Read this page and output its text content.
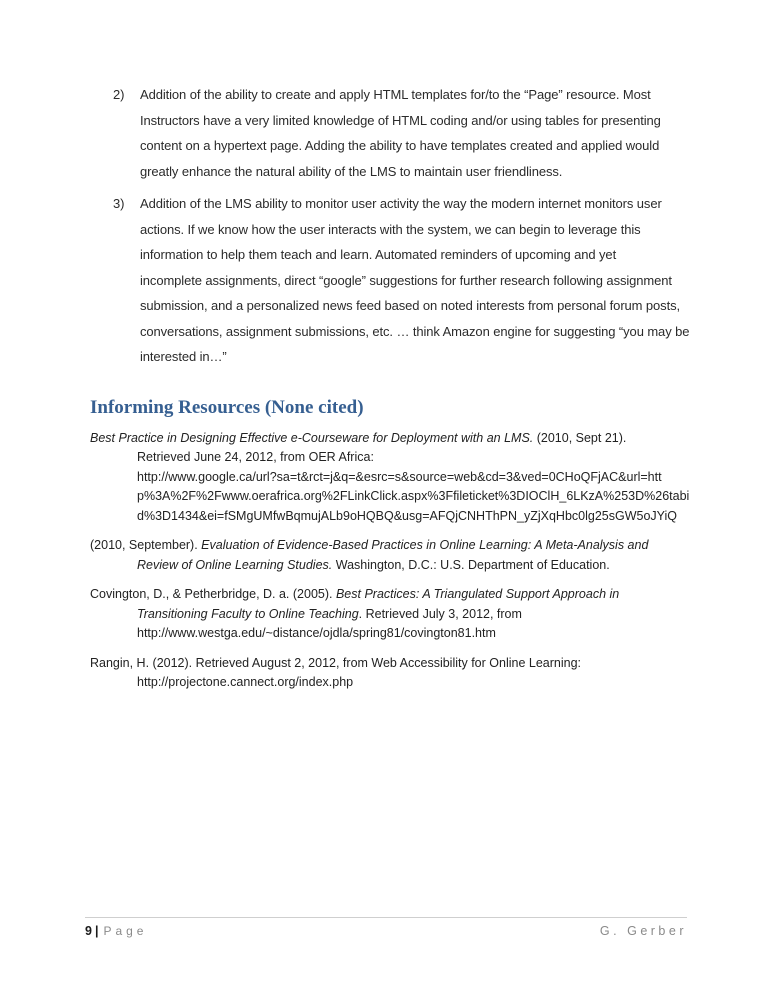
2)	Addition of the ability to create and apply HTML templates for/to the “Page” resource. Most
Instructors have a very limited knowledge of HTML coding and/or using tables for presenting
content on a hypertext page. Adding the ability to have templates created and applied would
greatly enhance the natural ability of the LMS to maintain user friendliness.
3)	Addition of the LMS ability to monitor user activity the way the modern internet monitors user
actions. If we know how the user interacts with the system, we can begin to leverage this
information to help them teach and learn. Automated reminders of upcoming and yet
incomplete assignments, direct “google” suggestions for further research following assignment
submission, and a personalized news feed based on noted interests from personal forum posts,
conversations, assignment submissions, etc. … think Amazon engine for suggesting “you may be
interested in…”
Informing Resources (None cited)
Best Practice in Designing Effective e-Courseware for Deployment with an LMS. (2010, Sept 21).
Retrieved June 24, 2012, from OER Africa:
http://www.google.ca/url?sa=t&rct=j&q=&esrc=s&source=web&cd=3&ved=0CHoQFjAC&url=htt
p%3A%2F%2Fwww.oerafrica.org%2FLinkClick.aspx%3Ffileticket%3DIOClH_6LKzA%253D%26tabi
d%3D1434&ei=fSMgUMfwBqmujALb9oHQBQ&usg=AFQjCNHThPN_yZjXqHbc0lg25sGW5oJYiQ
(2010, September). Evaluation of Evidence-Based Practices in Online Learning: A Meta-Analysis and
Review of Online Learning Studies. Washington, D.C.: U.S. Department of Education.
Covington, D., & Petherbridge, D. a. (2005). Best Practices: A Triangulated Support Approach in
Transitioning Faculty to Online Teaching. Retrieved July 3, 2012, from
http://www.westga.edu/~distance/ojdla/spring81/covington81.htm
Rangin, H. (2012). Retrieved August 2, 2012, from Web Accessibility for Online Learning:
http://projectone.cannect.org/index.php
9 | Page	G. Gerber
